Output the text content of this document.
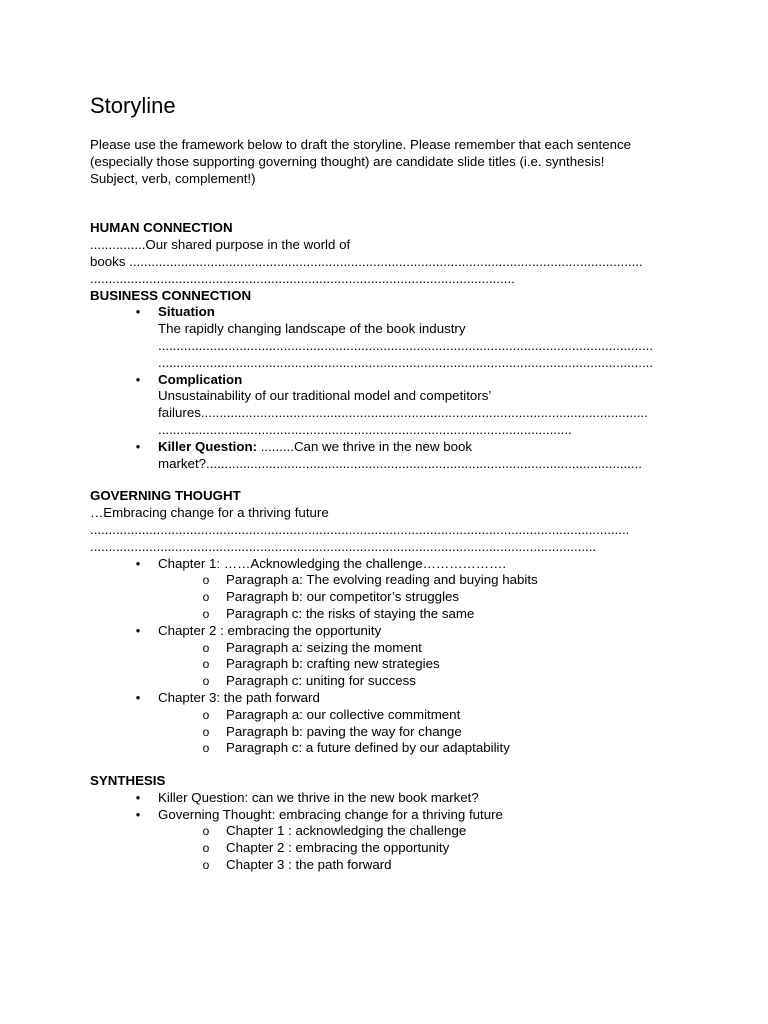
Storyline
Please use the framework below to draft the storyline. Please remember that each sentence
(especially those supporting governing thought) are candidate slide titles (i.e. synthesis!
Subject, verb, complement!)
HUMAN CONNECTION
...............Our shared purpose in the world of
books ...........................................................................................................................................
...................................................................................................................
BUSINESS CONNECTION
• Situation
The rapidly changing landscape of the book industry
......................................................................................................................................
......................................................................................................................................
• Complication
Unsustainability of our traditional model and competitors’
failures.........................................................................................................................
................................................................................................................
• Killer Question: .........Can we thrive in the new book
market?......................................................................................................................
GOVERNING THOUGHT
…Embracing change for a thriving future
..................................................................................................................................................
.........................................................................................................................................
• Chapter 1: ……Acknowledging the challenge……………….
o Paragraph a: The evolving reading and buying habits
o Paragraph b: our competitor’s struggles
o Paragraph c: the risks of staying the same
• Chapter 2 : embracing the opportunity
o Paragraph a: seizing the moment
o Paragraph b: crafting new strategies
o Paragraph c: uniting for success
• Chapter 3: the path forward
o Paragraph a: our collective commitment
o Paragraph b: paving the way for change
o Paragraph c: a future defined by our adaptability
SYNTHESIS
• Killer Question: can we thrive in the new book market?
• Governing Thought: embracing change for a thriving future
o Chapter 1 : acknowledging the challenge
o Chapter 2 : embracing the opportunity
o Chapter 3 : the path forward
